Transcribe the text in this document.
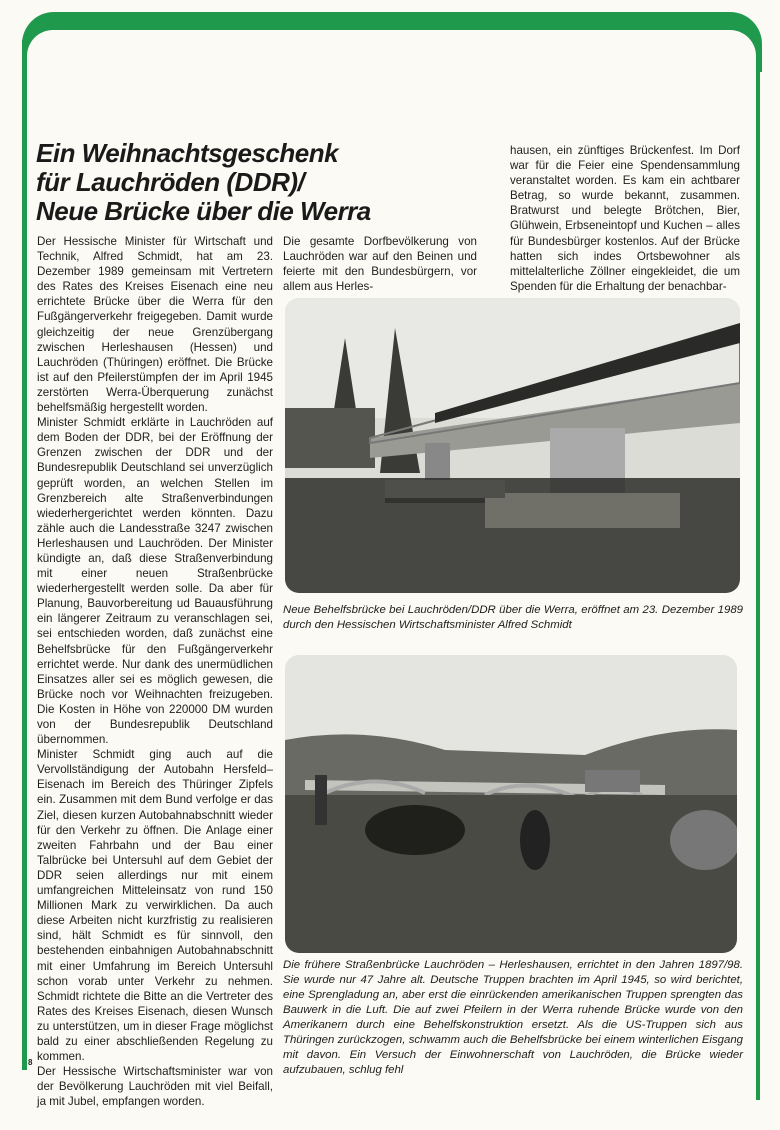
Ein Weihnachtsgeschenk
für Lauchröden (DDR)/
Neue Brücke über die Werra

Der Hessische Minister für Wirtschaft und Technik, Alfred Schmidt, hat am 23. Dezember 1989 gemeinsam mit Vertretern des Rates des Kreises Eisenach eine neu errichtete Brücke über die Werra für den Fußgängerverkehr freigegeben. Damit wurde gleichzeitig der neue Grenzübergang zwischen Herleshausen (Hessen) und Lauchröden (Thüringen) eröffnet. Die Brücke ist auf den Pfeilerstümpfen der im April 1945 zerstörten Werra-Überquerung zunächst behelfsmäßig hergestellt worden.

Minister Schmidt erklärte in Lauchröden auf dem Boden der DDR, bei der Eröffnung der Grenzen zwischen der DDR und der Bundesrepublik Deutschland sei unverzüglich geprüft worden, an welchen Stellen im Grenzbereich alte Straßenverbindungen wiederhergerichtet werden könnten. Dazu zähle auch die Landesstraße 3247 zwischen Herleshausen und Lauchröden. Der Minister kündigte an, daß diese Straßenverbindung mit einer neuen Straßenbrücke wiederhergestellt werden solle. Da aber für Planung, Bauvorbereitung ud Bauausführung ein längerer Zeitraum zu veranschlagen sei, sei entschieden worden, daß zunächst eine Behelfsbrücke für den Fußgängerverkehr errichtet werde. Nur dank des unermüdlichen Einsatzes aller sei es möglich gewesen, die Brücke noch vor Weihnachten freizugeben. Die Kosten in Höhe von 220000 DM wurden von der Bundesrepublik Deutschland übernommen.

Minister Schmidt ging auch auf die Vervollständigung der Autobahn Hersfeld–Eisenach im Bereich des Thüringer Zipfels ein. Zusammen mit dem Bund verfolge er das Ziel, diesen kurzen Autobahnabschnitt wieder für den Verkehr zu öffnen. Die Anlage einer zweiten Fahrbahn und der Bau einer Talbrücke bei Untersuhl auf dem Gebiet der DDR seien allerdings nur mit einem umfangreichen Mitteleinsatz von rund 150 Millionen Mark zu verwirklichen. Da auch diese Arbeiten nicht kurzfristig zu realisieren sind, hält Schmidt es für sinnvoll, den bestehenden einbahnigen Autobahnabschnitt mit einer Umfahrung im Bereich Untersuhl schon vorab unter Verkehr zu nehmen. Schmidt richtete die Bitte an die Vertreter des Rates des Kreises Eisenach, diesen Wunsch zu unterstützen, um in dieser Frage möglichst bald zu einer abschließenden Regelung zu kommen.

Der Hessische Wirtschaftsminister war von der Bevölkerung Lauchröden mit viel Beifall, ja mit Jubel, empfangen worden.

Die gesamte Dorfbevölkerung von Lauchröden war auf den Beinen und feierte mit den Bundesbürgern, vor allem aus Herles-

hausen, ein zünftiges Brückenfest. Im Dorf war für die Feier eine Spendensammlung veranstaltet worden. Es kam ein achtbarer Betrag, so wurde bekannt, zusammen. Bratwurst und belegte Brötchen, Bier, Glühwein, Erbseneintopf und Kuchen – alles für Bundesbürger kostenlos. Auf der Brücke hatten sich indes Ortsbewohner als mittelalterliche Zöllner eingekleidet, die um Spenden für die Erhaltung der benachbar-

Neue Behelfsbrücke bei Lauchröden/DDR über die Werra, eröffnet am 23. Dezember 1989 durch den Hessischen Wirtschaftsminister Alfred Schmidt
Die frühere Straßenbrücke Lauchröden – Herleshausen, errichtet in den Jahren 1897/98. Sie wurde nur 47 Jahre alt. Deutsche Truppen brachten im April 1945, so wird berichtet, eine Sprengladung an, aber erst die einrückenden amerikanischen Truppen sprengten das Bauwerk in die Luft. Die auf zwei Pfeilern in der Werra ruhende Brücke wurde von den Amerikanern durch eine Behelfskonstruktion ersetzt. Als die US-Truppen sich aus Thüringen zurückzogen, schwamm auch die Behelfsbrücke bei einem winterlichen Eisgang mit davon. Ein Versuch der Einwohnerschaft von Lauchröden, die Brücke wieder aufzubauen, schlug fehl
8
